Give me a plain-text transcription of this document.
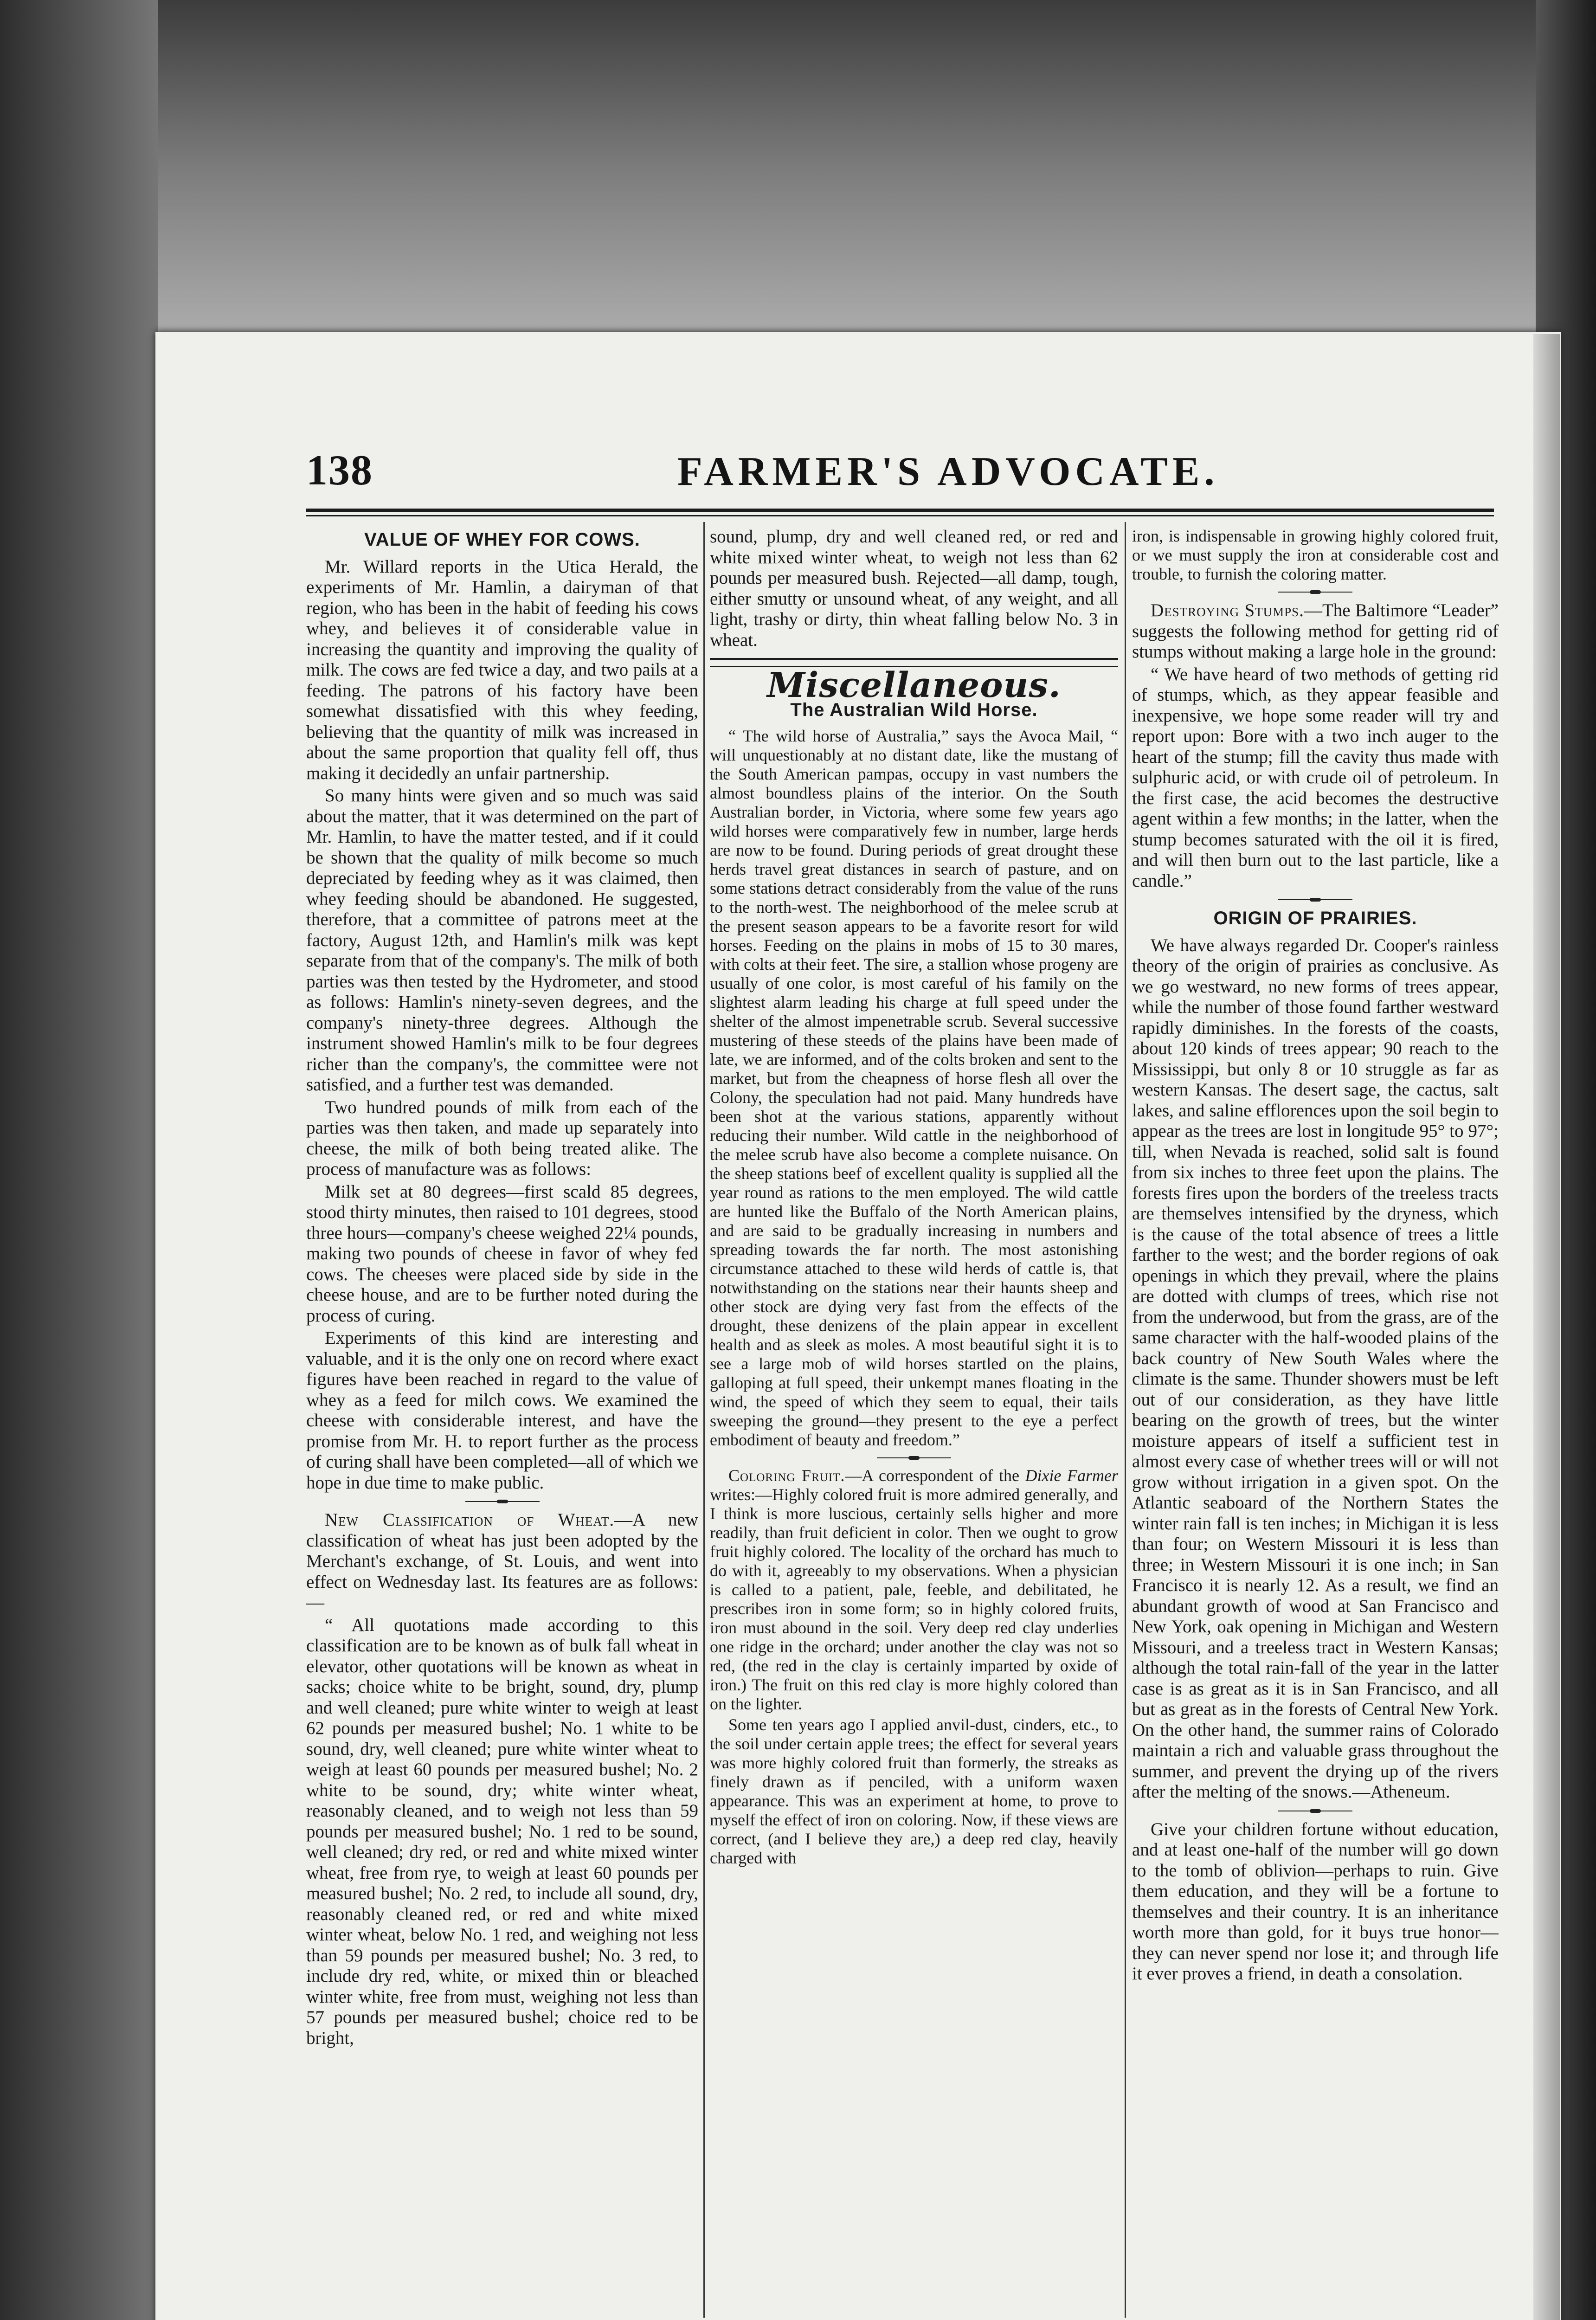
138	FARMER'S ADVOCATE.
VALUE OF WHEY FOR COWS.

Mr. Willard reports in the Utica Herald, the experiments of Mr. Hamlin, a dairyman of that region, who has been in the habit of feeding his cows whey, and believes it of considerable value in increasing the quantity and improving the quality of milk. The cows are fed twice a day, and two pails at a feeding. The patrons of his factory have been somewhat dissatisfied with this whey feeding, believing that the quantity of milk was increased in about the same proportion that quality fell off, thus making it decidedly an unfair partnership.

So many hints were given and so much was said about the matter, that it was determined on the part of Mr. Hamlin, to have the matter tested, and if it could be shown that the quality of milk become so much depreciated by feeding whey as it was claimed, then whey feeding should be abandoned. He suggested, therefore, that a committee of patrons meet at the factory, August 12th, and Hamlin's milk was kept separate from that of the company's. The milk of both parties was then tested by the Hydrometer, and stood as follows: Hamlin's ninety-seven degrees, and the company's ninety-three degrees. Although the instrument showed Hamlin's milk to be four degrees richer than the company's, the committee were not satisfied, and a further test was demanded.

Two hundred pounds of milk from each of the parties was then taken, and made up separately into cheese, the milk of both being treated alike. The process of manufacture was as follows:

Milk set at 80 degrees—first scald 85 degrees, stood thirty minutes, then raised to 101 degrees, stood three hours—company's cheese weighed 22¼ pounds, making two pounds of cheese in favor of whey fed cows. The cheeses were placed side by side in the cheese house, and are to be further noted during the process of curing.

Experiments of this kind are interesting and valuable, and it is the only one on record where exact figures have been reached in regard to the value of whey as a feed for milch cows. We examined the cheese with considerable interest, and have the promise from Mr. H. to report further as the process of curing shall have been completed—all of which we hope in due time to make public.

New Classification of Wheat.—A new classification of wheat has just been adopted by the Merchant's exchange, of St. Louis, and went into effect on Wednesday last. Its features are as follows:—

“ All quotations made according to this classification are to be known as of bulk fall wheat in elevator, other quotations will be known as wheat in sacks; choice white to be bright, sound, dry, plump and well cleaned; pure white winter to weigh at least 62 pounds per measured bushel; No. 1 white to be sound, dry, well cleaned; pure white winter wheat to weigh at least 60 pounds per measured bushel; No. 2 white to be sound, dry; white winter wheat, reasonably cleaned, and to weigh not less than 59 pounds per measured bushel; No. 1 red to be sound, well cleaned; dry red, or red and white mixed winter wheat, free from rye, to weigh at least 60 pounds per measured bushel; No. 2 red, to include all sound, dry, reasonably cleaned red, or red and white mixed winter wheat, below No. 1 red, and weighing not less than 59 pounds per measured bushel; No. 3 red, to include dry red, white, or mixed thin or bleached winter white, free from must, weighing not less than 57 pounds per measured bushel; choice red to be bright,

sound, plump, dry and well cleaned red, or red and white mixed winter wheat, to weigh not less than 62 pounds per measured bush. Rejected—all damp, tough, either smutty or unsound wheat, of any weight, and all light, trashy or dirty, thin wheat falling below No. 3 in wheat.

Miscellaneous.
The Australian Wild Horse.

“ The wild horse of Australia,” says the Avoca Mail, “ will unquestionably at no distant date, like the mustang of the South American pampas, occupy in vast numbers the almost boundless plains of the interior. On the South Australian border, in Victoria, where some few years ago wild horses were comparatively few in number, large herds are now to be found. During periods of great drought these herds travel great distances in search of pasture, and on some stations detract considerably from the value of the runs to the north-west. The neighborhood of the melee scrub at the present season appears to be a favorite resort for wild horses. Feeding on the plains in mobs of 15 to 30 mares, with colts at their feet. The sire, a stallion whose progeny are usually of one color, is most careful of his family on the slightest alarm leading his charge at full speed under the shelter of the almost impenetrable scrub. Several successive mustering of these steeds of the plains have been made of late, we are informed, and of the colts broken and sent to the market, but from the cheapness of horse flesh all over the Colony, the speculation had not paid. Many hundreds have been shot at the various stations, apparently without reducing their number. Wild cattle in the neighborhood of the melee scrub have also become a complete nuisance. On the sheep stations beef of excellent quality is supplied all the year round as rations to the men employed. The wild cattle are hunted like the Buffalo of the North American plains, and are said to be gradually increasing in numbers and spreading towards the far north. The most astonishing circumstance attached to these wild herds of cattle is, that notwithstanding on the stations near their haunts sheep and other stock are dying very fast from the effects of the drought, these denizens of the plain appear in excellent health and as sleek as moles. A most beautiful sight it is to see a large mob of wild horses startled on the plains, galloping at full speed, their unkempt manes floating in the wind, the speed of which they seem to equal, their tails sweeping the ground—they present to the eye a perfect embodiment of beauty and freedom.”

Coloring Fruit.—A correspondent of the Dixie Farmer writes:—Highly colored fruit is more admired generally, and I think is more luscious, certainly sells higher and more readily, than fruit deficient in color. Then we ought to grow fruit highly colored. The locality of the orchard has much to do with it, agreeably to my observations. When a physician is called to a patient, pale, feeble, and debilitated, he prescribes iron in some form; so in highly colored fruits, iron must abound in the soil. Very deep red clay underlies one ridge in the orchard; under another the clay was not so red, (the red in the clay is certainly imparted by oxide of iron.) The fruit on this red clay is more highly colored than on the lighter.

Some ten years ago I applied anvil-dust, cinders, etc., to the soil under certain apple trees; the effect for several years was more highly colored fruit than formerly, the streaks as finely drawn as if penciled, with a uniform waxen appearance. This was an experiment at home, to prove to myself the effect of iron on coloring. Now, if these views are correct, (and I believe they are,) a deep red clay, heavily charged with

iron, is indispensable in growing highly colored fruit, or we must supply the iron at considerable cost and trouble, to furnish the coloring matter.

Destroying Stumps.—The Baltimore “Leader” suggests the following method for getting rid of stumps without making a large hole in the ground:

“ We have heard of two methods of getting rid of stumps, which, as they appear feasible and inexpensive, we hope some reader will try and report upon: Bore with a two inch auger to the heart of the stump; fill the cavity thus made with sulphuric acid, or with crude oil of petroleum. In the first case, the acid becomes the destructive agent within a few months; in the latter, when the stump becomes saturated with the oil it is fired, and will then burn out to the last particle, like a candle.”

ORIGIN OF PRAIRIES.

We have always regarded Dr. Cooper's rainless theory of the origin of prairies as conclusive. As we go westward, no new forms of trees appear, while the number of those found farther westward rapidly diminishes. In the forests of the coasts, about 120 kinds of trees appear; 90 reach to the Mississippi, but only 8 or 10 struggle as far as western Kansas. The desert sage, the cactus, salt lakes, and saline efflorences upon the soil begin to appear as the trees are lost in longitude 95° to 97°; till, when Nevada is reached, solid salt is found from six inches to three feet upon the plains. The forests fires upon the borders of the treeless tracts are themselves intensified by the dryness, which is the cause of the total absence of trees a little farther to the west; and the border regions of oak openings in which they prevail, where the plains are dotted with clumps of trees, which rise not from the underwood, but from the grass, are of the same character with the half-wooded plains of the back country of New South Wales where the climate is the same. Thunder showers must be left out of our consideration, as they have little bearing on the growth of trees, but the winter moisture appears of itself a sufficient test in almost every case of whether trees will or will not grow without irrigation in a given spot. On the Atlantic seaboard of the Northern States the winter rain fall is ten inches; in Michigan it is less than four; on Western Missouri it is less than three; in Western Missouri it is one inch; in San Francisco it is nearly 12. As a result, we find an abundant growth of wood at San Francisco and New York, oak opening in Michigan and Western Missouri, and a treeless tract in Western Kansas; although the total rain-fall of the year in the latter case is as great as it is in San Francisco, and all but as great as in the forests of Central New York. On the other hand, the summer rains of Colorado maintain a rich and valuable grass throughout the summer, and prevent the drying up of the rivers after the melting of the snows.—Atheneum.

Give your children fortune without education, and at least one-half of the number will go down to the tomb of oblivion—perhaps to ruin. Give them education, and they will be a fortune to themselves and their country. It is an inheritance worth more than gold, for it buys true honor—they can never spend nor lose it; and through life it ever proves a friend, in death a consolation.
